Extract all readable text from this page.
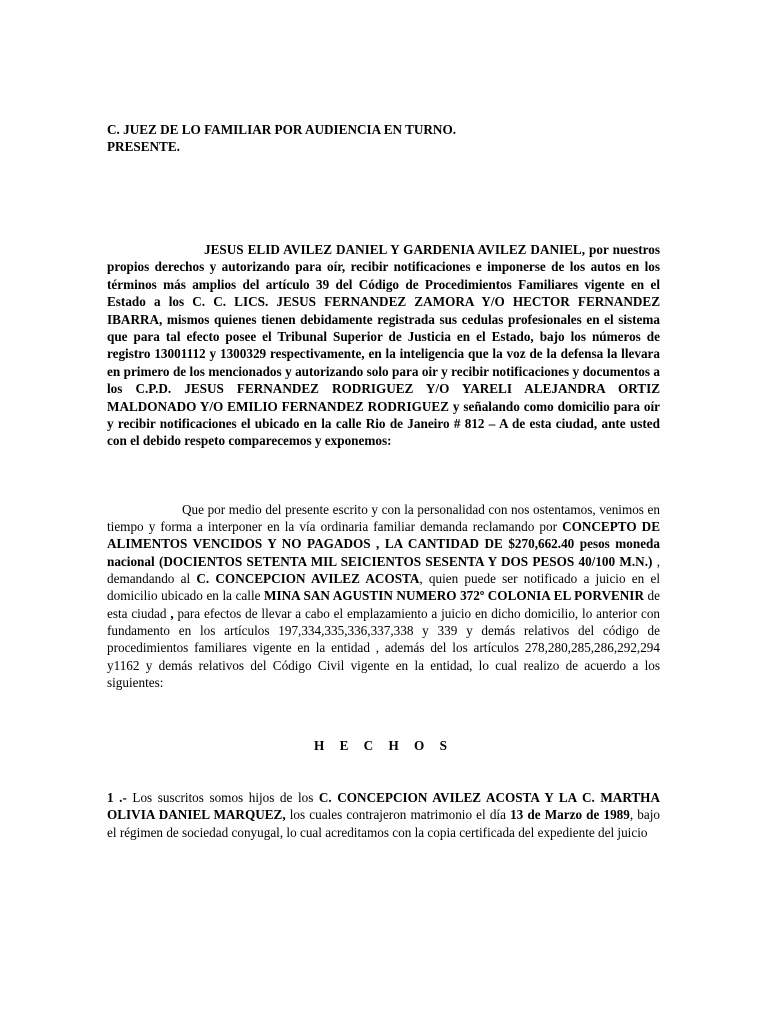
C. JUEZ DE LO FAMILIAR POR AUDIENCIA EN TURNO.

PRESENTE.

JESUS ELID AVILEZ DANIEL Y GARDENIA AVILEZ DANIEL, por nuestros propios derechos y autorizando para oír, recibir notificaciones e imponerse de los autos en los términos más amplios del artículo 39 del Código de Procedimientos Familiares vigente en el Estado a los C. C. LICS. JESUS FERNANDEZ ZAMORA Y/O HECTOR FERNANDEZ IBARRA, mismos quienes tienen debidamente registrada sus cedulas profesionales en el sistema que para tal efecto posee el Tribunal Superior de Justicia en el Estado, bajo los números de registro 13001112 y 1300329 respectivamente, en la inteligencia que la voz de la defensa la llevara en primero de los mencionados y autorizando solo para oir y recibir notificaciones y documentos a los C.P.D. JESUS FERNANDEZ RODRIGUEZ Y/O YARELI ALEJANDRA ORTIZ MALDONADO Y/O EMILIO FERNANDEZ RODRIGUEZ y señalando como domicilio para oír y recibir notificaciones el ubicado en la calle Rio de Janeiro # 812 – A de esta ciudad, ante usted con el debido respeto comparecemos y exponemos:

Que por medio del presente escrito y con la personalidad con nos ostentamos, venimos en tiempo y forma a interponer en la vía ordinaria familiar demanda reclamando por CONCEPTO DE ALIMENTOS VENCIDOS Y NO PAGADOS , LA CANTIDAD DE $270,662.40 pesos moneda nacional (DOCIENTOS SETENTA MIL SEICIENTOS SESENTA Y DOS PESOS 40/100 M.N.) , demandando al C. CONCEPCION AVILEZ ACOSTA, quien puede ser notificado a juicio en el domicilio ubicado en la calle MINA SAN AGUSTIN NUMERO 372º COLONIA EL PORVENIR de esta ciudad , para efectos de llevar a cabo el emplazamiento a juicio en dicho domicilio, lo anterior con fundamento en los artículos 197,334,335,336,337,338 y 339 y demás relativos del código de procedimientos familiares vigente en la entidad , además del los artículos 278,280,285,286,292,294 y1162 y demás relativos del Código Civil vigente en la entidad, lo cual realizo de acuerdo a los siguientes:

H E C H O S

1 .- Los suscritos somos hijos de los C. CONCEPCION AVILEZ ACOSTA Y LA C. MARTHA OLIVIA DANIEL MARQUEZ, los cuales contrajeron matrimonio el día 13 de Marzo de 1989, bajo el régimen de sociedad conyugal, lo cual acreditamos con la copia certificada del expediente del juicio
